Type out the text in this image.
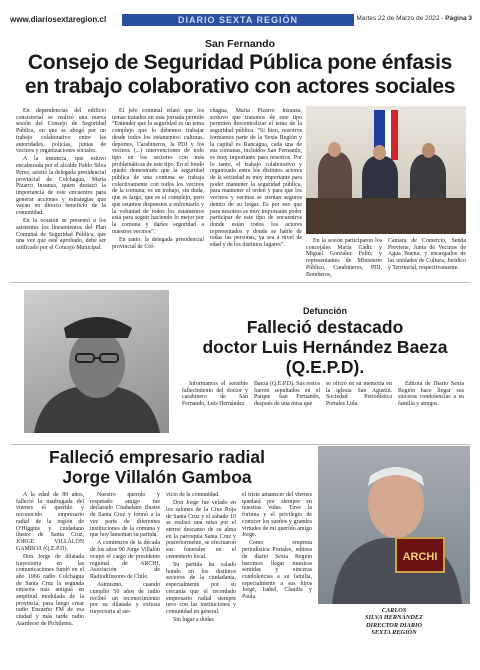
www.diariosextaregion.cl	DIARIO SEXTA REGIÓN	Martes 22 de Marzo de 2022 - Página 3
San Fernando
Consejo de Seguridad Pública pone énfasis
en trabajo colaborativo con actores sociales

En dependencias del edificio consistorial se realizó una nueva sesión del Consejo de Seguridad Pública, en que se abogó por un trabajo colaborativo entre las autoridades, policías, juntas de vecinos y organizaciones sociales.

A la instancia, que estuvo encabezada por el alcalde Pablo Silva Pérez, asistió la delegada presidencial provincial de Colchagua, Marta Pizarro Insunza, quien destacó la importancia de este encuentro para generar acciones y estrategias que vayan en directo beneficio de la comunidad.

En la ocasión se presentó a los asistentes los lineamientos del Plan Comunal de Seguridad Pública, que una vez que esté aprobado, debe ser ratificado por el Concejo Municipal.

El jefe comunal relató que los temas tratados en esta jornada permite “Entender que la seguridad es un tema complejo que lo debemos trabajar desde todos los estamentos: culturas, deportes, Carabineros, la PDI y los vecinos (...) intervenciones de todo tipo en los sectores con más problemáticas de este tipo. En el fondo quedó demostrado que la seguridad pública de una comuna se trabaja colectivamente con todos los vecinos de la comuna; es un trabajo, sin duda, que es largo, que es el complejo, pero que estamos dispuestos a enfrentarlo y la voluntad de todos los estamentos está para seguir haciendo lo mejor por la comuna y darles seguridad a nuestros vecinos”.

En tanto, la delegada presidencial provincial de Col-

chagua, Marta Pizarro Insunza, sostuvo que tratamos de este tipo permiten descentralizar el tema de la seguridad pública. “Si bien, nosotros formamos parte de la Sexta Región y la capital es Rancagua, cada una de sus comunas, incluidos San Fernando, es muy importante para nosotros. Por lo tanto, el trabajo colaborativo y organizado entre los distintos actores de la sociedad es muy importante para poder mantener la seguridad pública, para mantener el orden y para que los vecinos y vecinas se sientan seguros dentro de su hogar. Es por eso que para nosotros es muy importante poder participar de este tipo de encuentros donde están todos los actores representados y donde se hable de todas las personas, ya sea a nivel de edad y de los distintos lugares”.

En la sesión participaron los concejales María Cádiz y Miguel González Feliú; y representantes de Ministerio Público, Carabineros, PDI, Bomberos,

Cámara de Comercio, Senda Previene, Junta de Vecinos de Agua Buena; y encargados de las unidades de Cultura, Jurídico y Territorial, respectivamente.

Defunción
Falleció destacado
doctor Luis Hernández Baeza
(Q.E.P.D).

Informamos el sensible fallecimiento del doctor y carabinero de San Fernando, Luis Hernández

Baeza (Q.E.P.D). Sus restos fueron sepultados en el Parque San Fernando, después de una misa que

se ofició en su memoria en la iglesia San Agustín. Sociedad Periodística Portales Ltda.

Editora de Diario Sexta Región hace llegar sus sinceras condolencias a su familia y amigos.

Falleció empresario radial
Jorge Villalón Gamboa

A la edad de 89 años, falleció la madrugada del viernes el querido y reconocido empresario radial de la región de O'Higgins y ciudadano ilustre de Santa Cruz, JORGE VILLALÓN GAMBOA (Q.E.P.D).

Don Jorge de dilatada trayectoria en las comunicaciones fundó en el año 1966 radio Colchagua de Santa Cruz la segunda emisora más antigua en amplitud modulada de la provincia, para luego crear radio Ensueño FM de esa ciudad y más tarde radio Atardecer de Pichilemu.

Nuestro querido y respetado amigo fue declarado Ciudadano Ilustre de Santa Cruz y formó a la vez parte de diferentes instituciones de la comuna y que hoy lamentan su partida.

A comienzos de la década de los años 90 Jorge Villalón ocupó el cargo de presidente regional de ARCHI, Asociación de Radiodifusores de Chile.

Asimismo, cuando cumplió 50 años de radio recibió un reconocimiento por su dilatada y exitosa trayectoria al ser-

vicio de la comunidad.

Don Jorge fue velado en los salones de la Cruz Roja de Santa Cruz y el sábado 19 se realizó una misa por el eterno descanso de su alma en la parroquia Santa Cruz y posteriormente, se efectuaron sus funerales en el cementerio local.

Su partida ha calado hondo en los distintos sectores de la ciudadanía, especialmente por su cercanía que el recordado empresario radial siempre tuvo con las instituciones y comunidad en general.

Sin lugar a dudas

el triste amanecer del viernes quedará por siempre en nuestras vidas. Tuve la fortuna y el privilegio de conocer los sueños y grandes virtudes de mi querido amigo Jorge.

Como empresa periodística Portales, editora de diario Sexta Región hacemos llegar nuestras sentidas y sinceras condolencias a su familia, especialmente a sus hijos Jorge, Isabel, Claudia y Paula.

ARCHI
CARLOS
SILVA HERNÁNDEZ
DIRECTOR DIARIO
SEXTA REGIÓN
